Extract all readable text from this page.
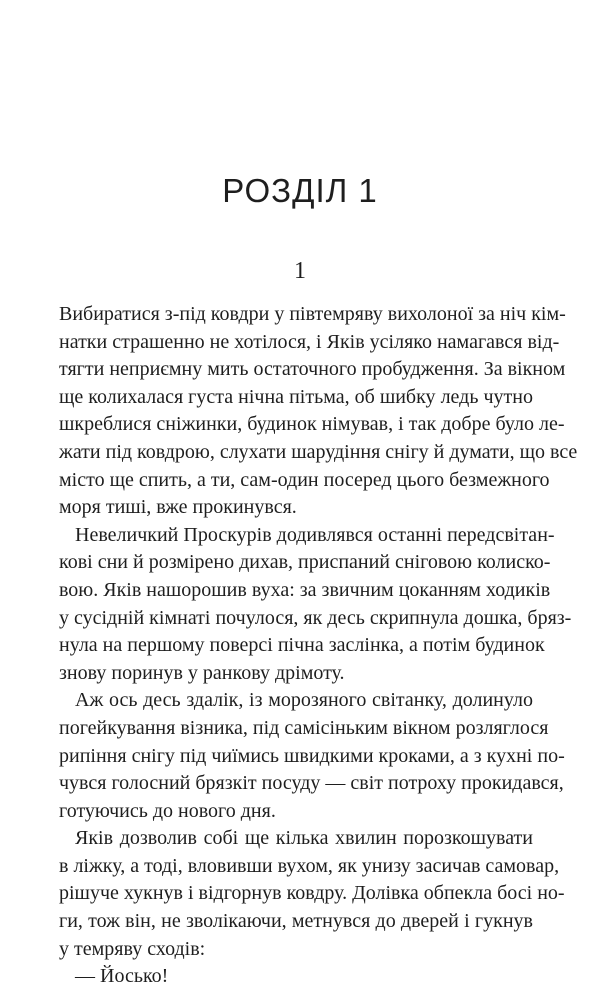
РОЗДІЛ 1
1

Вибиратися з-під ковдри у півтемряву вихолоної за ніч кім-
натки страшенно не хотілося, і Яків усіляко намагався від-
тягти неприємну мить остаточного пробудження. За вікном
ще колихалася густа нічна пітьма, об шибку ледь чутно
шкреблися сніжинки, будинок німував, і так добре було ле-
жати під ковдрою, слухати шарудіння снігу й думати, що все
місто ще спить, а ти, сам-один посеред цього безмежного
моря тиші, вже прокинувся.

Невеличкий Проскурів додивлявся останні передсвітан-
кові сни й розмірено дихав, приспаний сніговою колиско-
вою. Яків нашорошив вуха: за звичним цоканням ходиків
у сусідній кімнаті почулося, як десь скрипнула дошка, бряз-
нула на першому поверсі пічна заслінка, а потім будинок
знову поринув у ранкову дрімоту.

Аж ось десь здалік, із морозяного світанку, долинуло
погейкування візника, під самісіньким вікном розляглося
рипіння снігу під чиїмись швидкими кроками, а з кухні по-
чувся голосний брязкіт посуду — світ потроху прокидався,
готуючись до нового дня.

Яків дозволив собі ще кілька хвилин порозкошувати
в ліжку, а тоді, вловивши вухом, як унизу засичав самовар,
рішуче хукнув і відгорнув ковдру. Долівка обпекла босі но-
ги, тож він, не зволікаючи, метнувся до дверей і гукнув
у темряву сходів:

— Йосько!
